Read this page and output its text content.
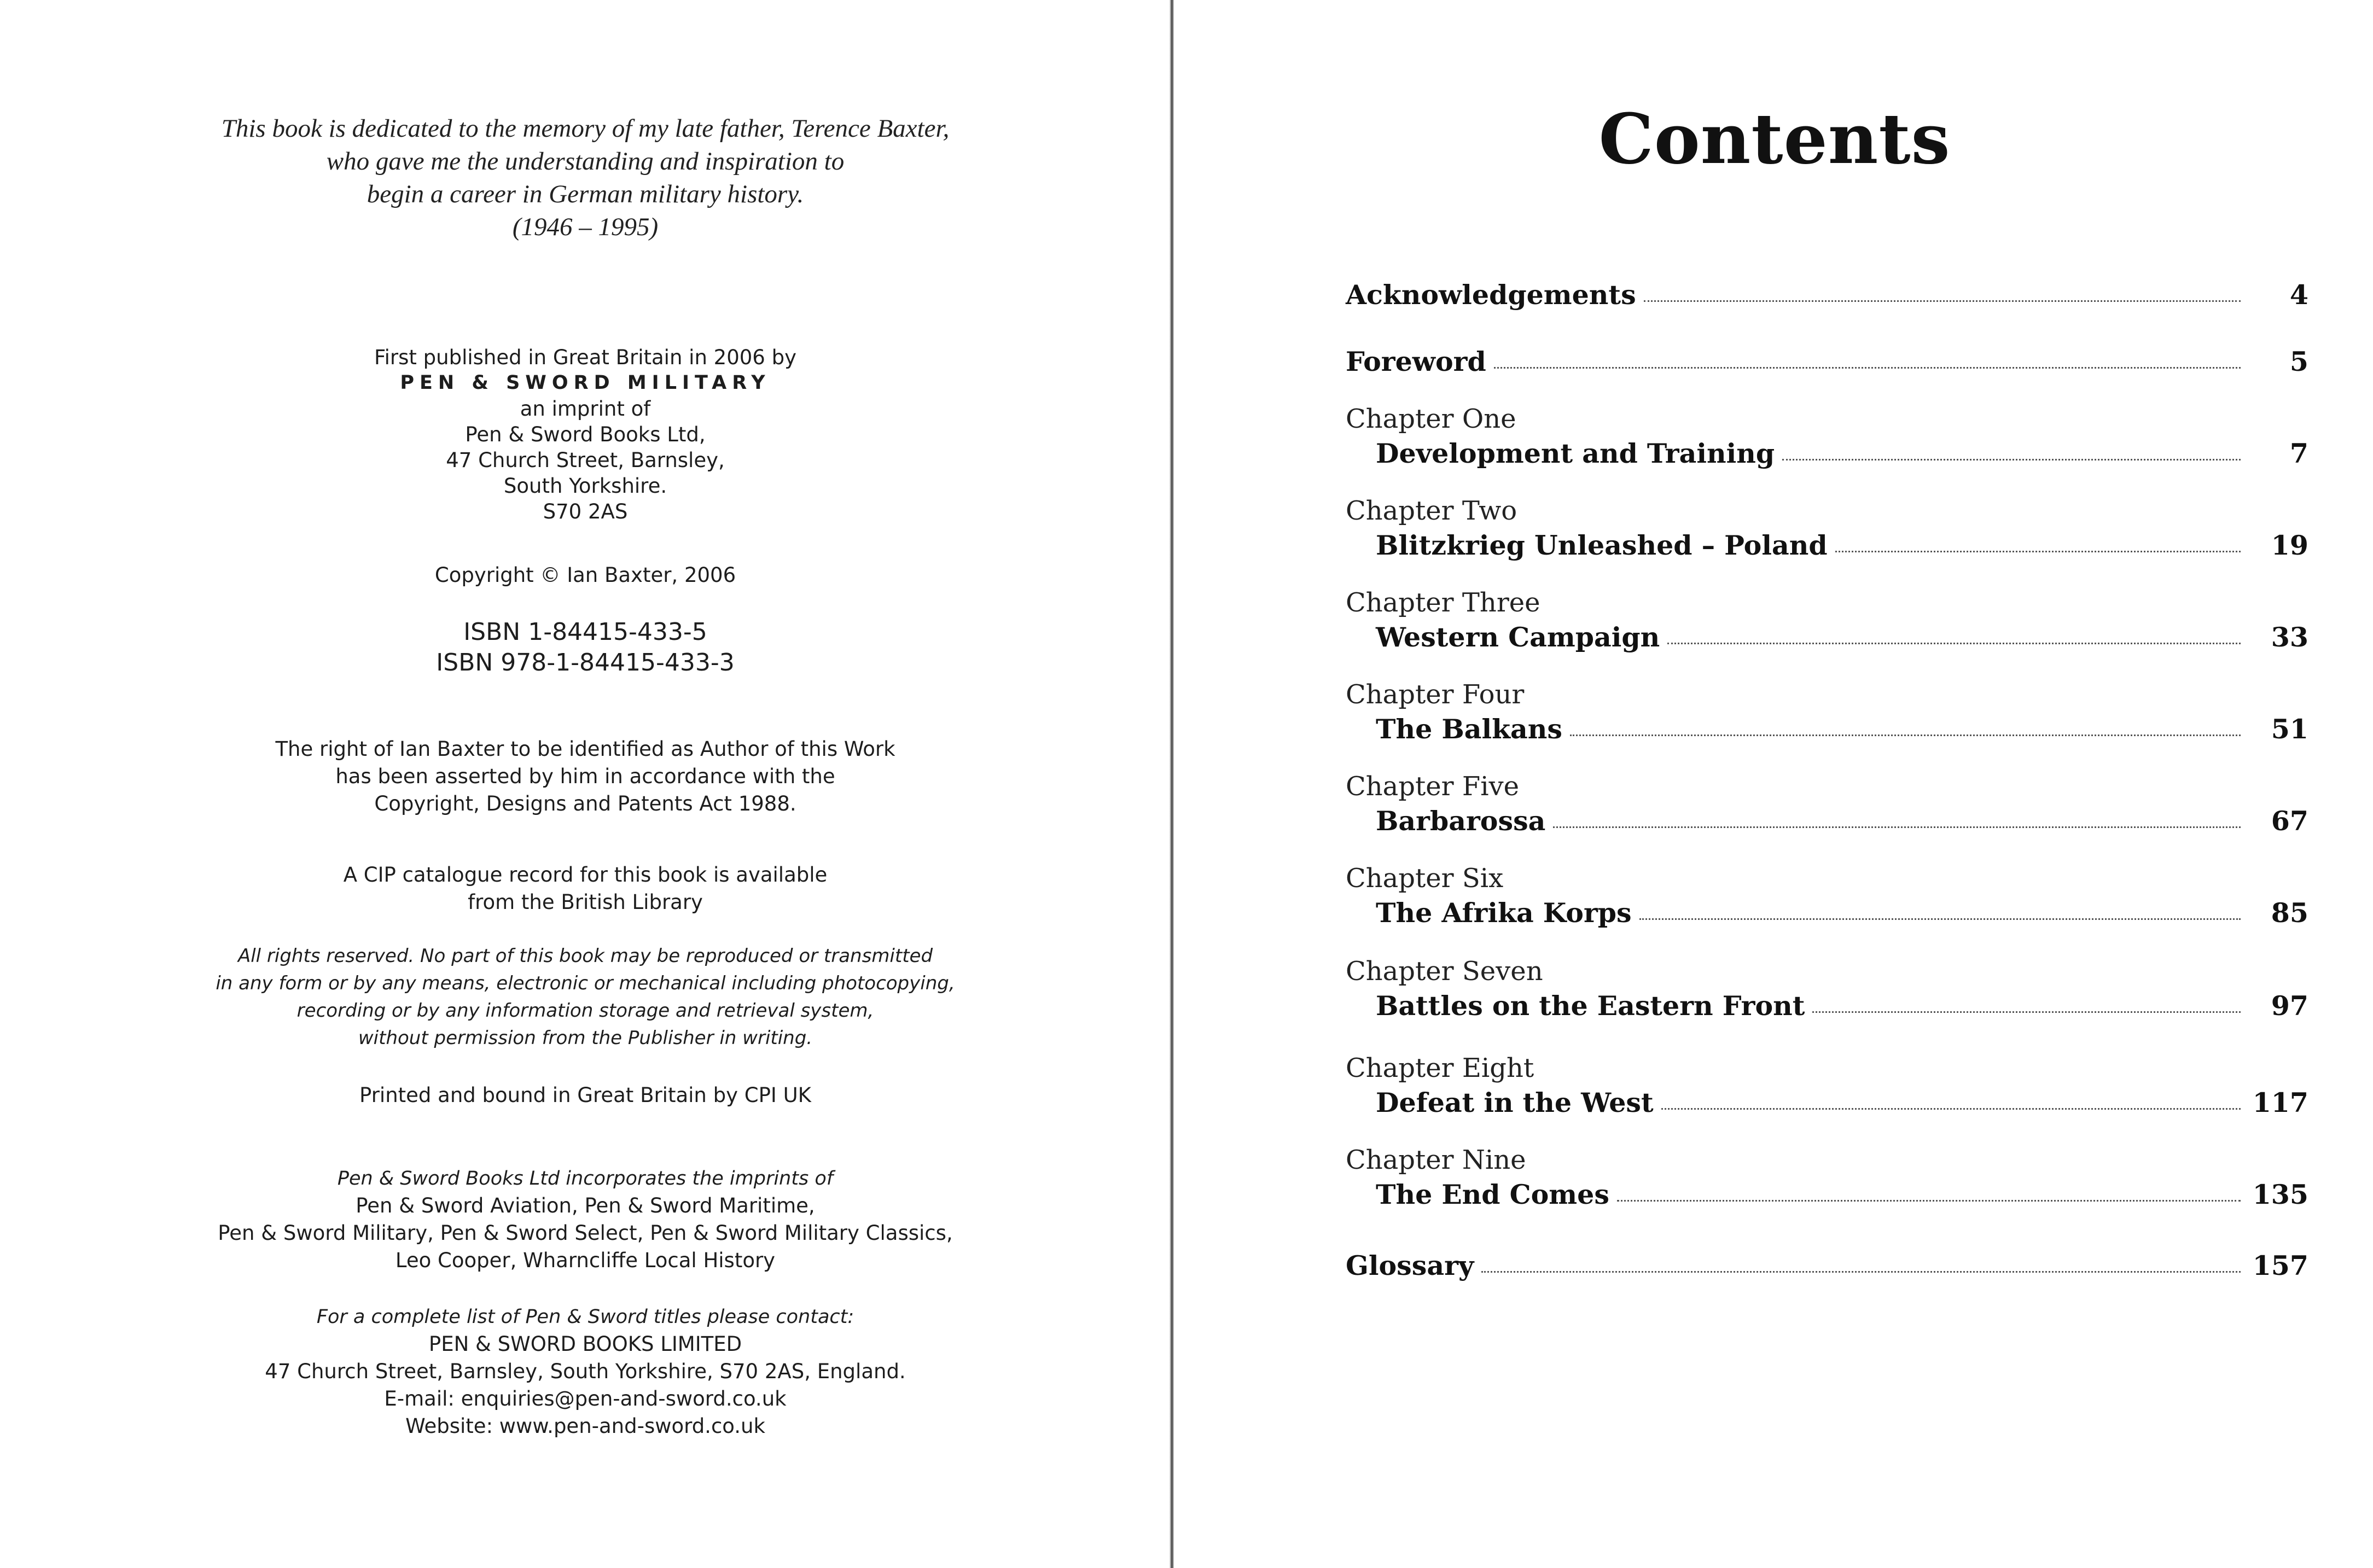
This book is dedicated to the memory of my late father, Terence Baxter,
who gave me the understanding and inspiration to
begin a career in German military history.
(1946 – 1995)
First published in Great Britain in 2006 by
PEN & SWORD MILITARY
an imprint of
Pen & Sword Books Ltd,
47 Church Street, Barnsley,
South Yorkshire.
S70 2AS
Copyright © Ian Baxter, 2006
ISBN 1-84415-433-5
ISBN 978-1-84415-433-3
The right of Ian Baxter to be identified as Author of this Work
has been asserted by him in accordance with the
Copyright, Designs and Patents Act 1988.
A CIP catalogue record for this book is available
from the British Library
All rights reserved. No part of this book may be reproduced or transmitted
in any form or by any means, electronic or mechanical including photocopying,
recording or by any information storage and retrieval system,
without permission from the Publisher in writing.
Printed and bound in Great Britain by CPI UK
Pen & Sword Books Ltd incorporates the imprints of
Pen & Sword Aviation, Pen & Sword Maritime,
Pen & Sword Military, Pen & Sword Select, Pen & Sword Military Classics,
Leo Cooper, Wharncliffe Local History
For a complete list of Pen & Sword titles please contact:
PEN & SWORD BOOKS LIMITED
47 Church Street, Barnsley, South Yorkshire, S70 2AS, England.
E-mail: enquiries@pen-and-sword.co.uk
Website: www.pen-and-sword.co.uk
Contents
Acknowledgements	4
Foreword	5
Chapter One
Development and Training	7
Chapter Two
Blitzkrieg Unleashed – Poland	19
Chapter Three
Western Campaign	33
Chapter Four
The Balkans	51
Chapter Five
Barbarossa	67
Chapter Six
The Afrika Korps	85
Chapter Seven
Battles on the Eastern Front	97
Chapter Eight
Defeat in the West	117
Chapter Nine
The End Comes	135
Glossary	157
